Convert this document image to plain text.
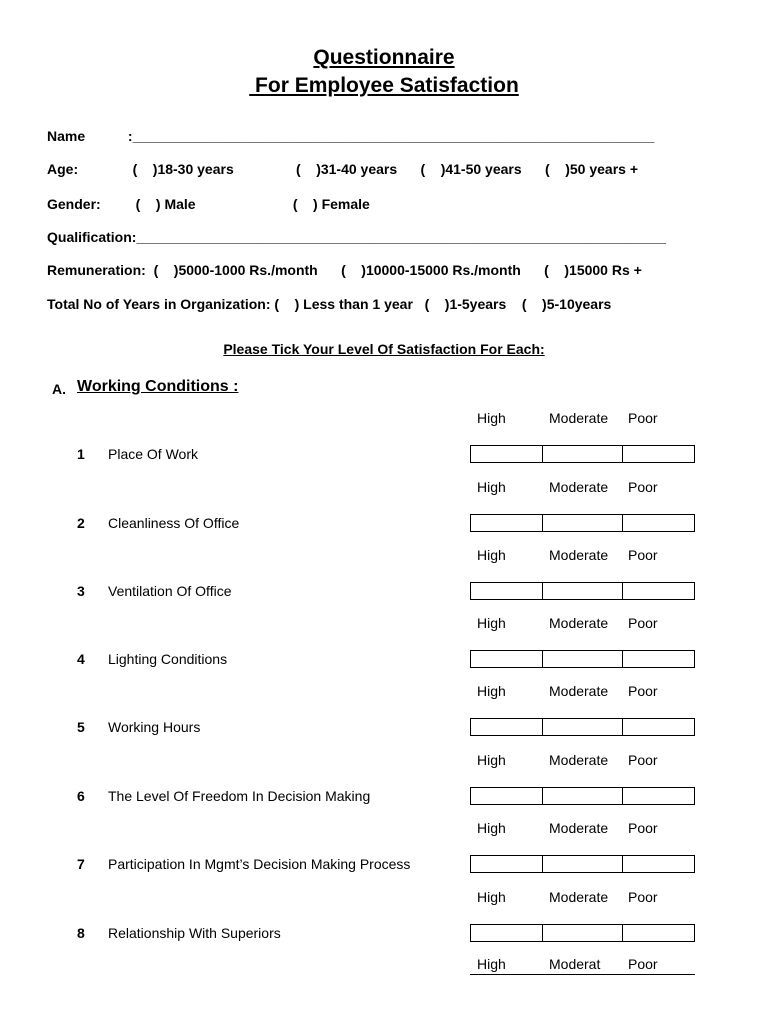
Questionnaire
For Employee Satisfaction
Name           :___________________________________________________________________
Age:              (    )18-30 years                (    )31-40 years      (    )41-50 years      (    )50 years +
Gender:         (    ) Male                         (    ) Female
Qualification:____________________________________________________________________
Remuneration:  (    )5000-1000 Rs./month      (    )10000-15000 Rs./month      (    )15000 Rs +
Total No of Years in Organization: (    ) Less than 1 year   (    )1-5years    (    )5-10years
Please Tick Your Level Of Satisfaction For Each:
A. Working Conditions :
High	Moderate Poor
1 Place Of Work
High	Moderate Poor
2 Cleanliness Of Office
High	Moderate Poor
3 Ventilation Of Office
High	Moderate Poor
4 Lighting Conditions
High	Moderate Poor
5 Working Hours
High	Moderate Poor
6 The Level Of Freedom In Decision Making
High	Moderate Poor
7 Participation In Mgmt’s Decision Making Process
High	Moderate Poor
8 Relationship With Superiors
High	Moderat Poor
